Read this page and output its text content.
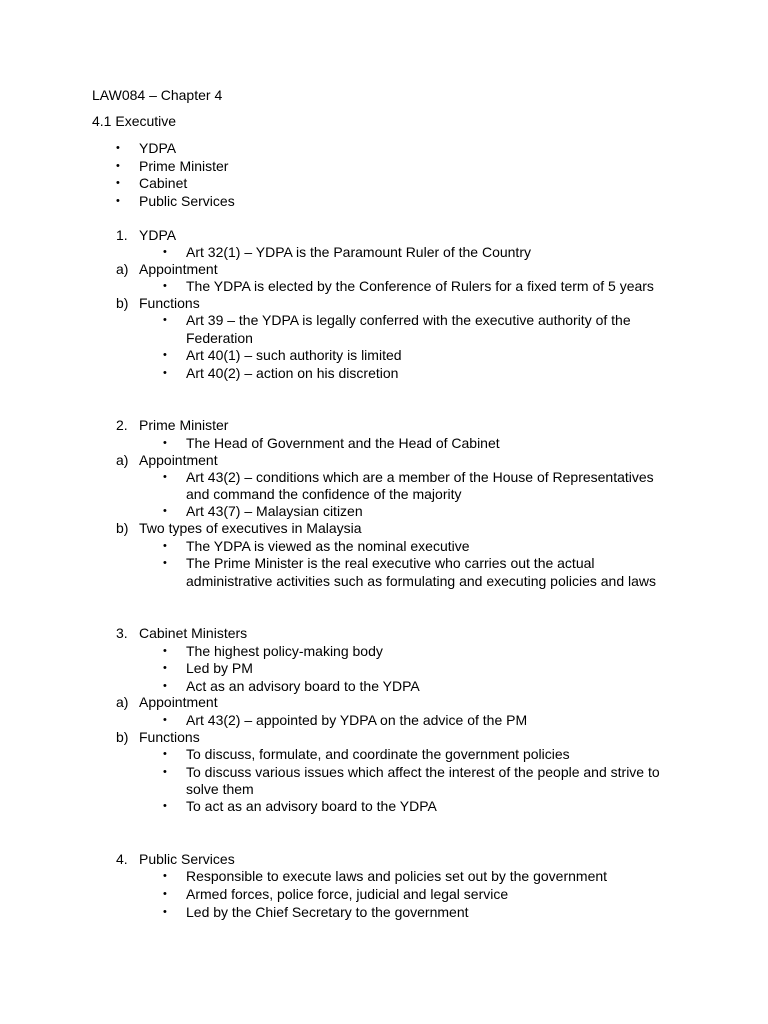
LAW084 – Chapter 4
4.1 Executive
• YDPA
• Prime Minister
• Cabinet
• Public Services
1. YDPA
• Art 32(1) – YDPA is the Paramount Ruler of the Country
a) Appointment
• The YDPA is elected by the Conference of Rulers for a fixed term of 5 years
b) Functions
• Art 39 – the YDPA is legally conferred with the executive authority of the
Federation
• Art 40(1) – such authority is limited
• Art 40(2) – action on his discretion
2. Prime Minister
• The Head of Government and the Head of Cabinet
a) Appointment
• Art 43(2) – conditions which are a member of the House of Representatives
and command the confidence of the majority
• Art 43(7) – Malaysian citizen
b) Two types of executives in Malaysia
• The YDPA is viewed as the nominal executive
• The Prime Minister is the real executive who carries out the actual
administrative activities such as formulating and executing policies and laws
3. Cabinet Ministers
• The highest policy-making body
• Led by PM
• Act as an advisory board to the YDPA
a) Appointment
• Art 43(2) – appointed by YDPA on the advice of the PM
b) Functions
• To discuss, formulate, and coordinate the government policies
• To discuss various issues which affect the interest of the people and strive to
solve them
• To act as an advisory board to the YDPA
4. Public Services
• Responsible to execute laws and policies set out by the government
• Armed forces, police force, judicial and legal service
• Led by the Chief Secretary to the government
